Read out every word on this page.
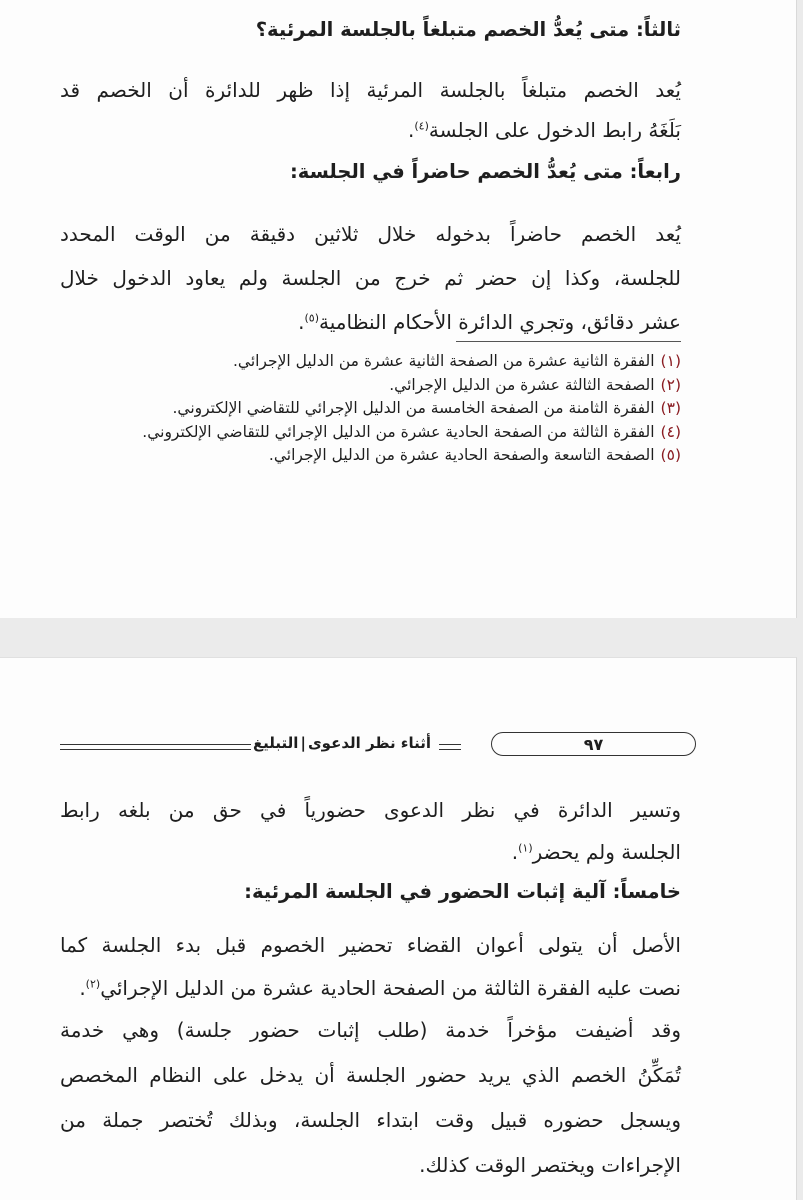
ثالثاً: متى يُعدُّ الخصم متبلغاً بالجلسة المرئية؟
يُعد الخصم متبلغاً بالجلسة المرئية إذا ظهر للدائرة أن الخصم قد
بَلَغَهُ رابط الدخول على الجلسة$^{(٤)}$.
رابعاً: متى يُعدُّ الخصم حاضراً في الجلسة:
يُعد الخصم حاضراً بدخوله خلال ثلاثين دقيقة من الوقت المحدد
للجلسة، وكذا إن حضر ثم خرج من الجلسة ولم يعاود الدخول خلال
عشر دقائق، وتجري الدائرة الأحكام النظامية$^{(٥)}$.
(١)الفقرة الثانية عشرة من الصفحة الثانية عشرة من الدليل الإجرائي.
(٢)الصفحة الثالثة عشرة من الدليل الإجرائي.
(٣)الفقرة الثامنة من الصفحة الخامسة من الدليل الإجرائي للتقاضي الإلكتروني.
(٤)الفقرة الثالثة من الصفحة الحادية عشرة من الدليل الإجرائي للتقاضي الإلكتروني.
(٥)الصفحة التاسعة والصفحة الحادية عشرة من الدليل الإجرائي.
٩٧
أثناء نظر الدعوى|التبليغ
وتسير الدائرة في نظر الدعوى حضورياً في حق من بلغه رابط
الجلسة ولم يحضر$^{(١)}$.
خامساً: آلية إثبات الحضور في الجلسة المرئية:
الأصل أن يتولى أعوان القضاء تحضير الخصوم قبل بدء الجلسة كما
نصت عليه الفقرة الثالثة من الصفحة الحادية عشرة من الدليل الإجرائي$^{(٢)}$.
وقد أضيفت مؤخراً خدمة (طلب إثبات حضور جلسة) وهي خدمة
تُمَكِّنُ الخصم الذي يريد حضور الجلسة أن يدخل على النظام المخصص
ويسجل حضوره قبيل وقت ابتداء الجلسة، وبذلك تُختصر جملة من
الإجراءات ويختصر الوقت كذلك.
